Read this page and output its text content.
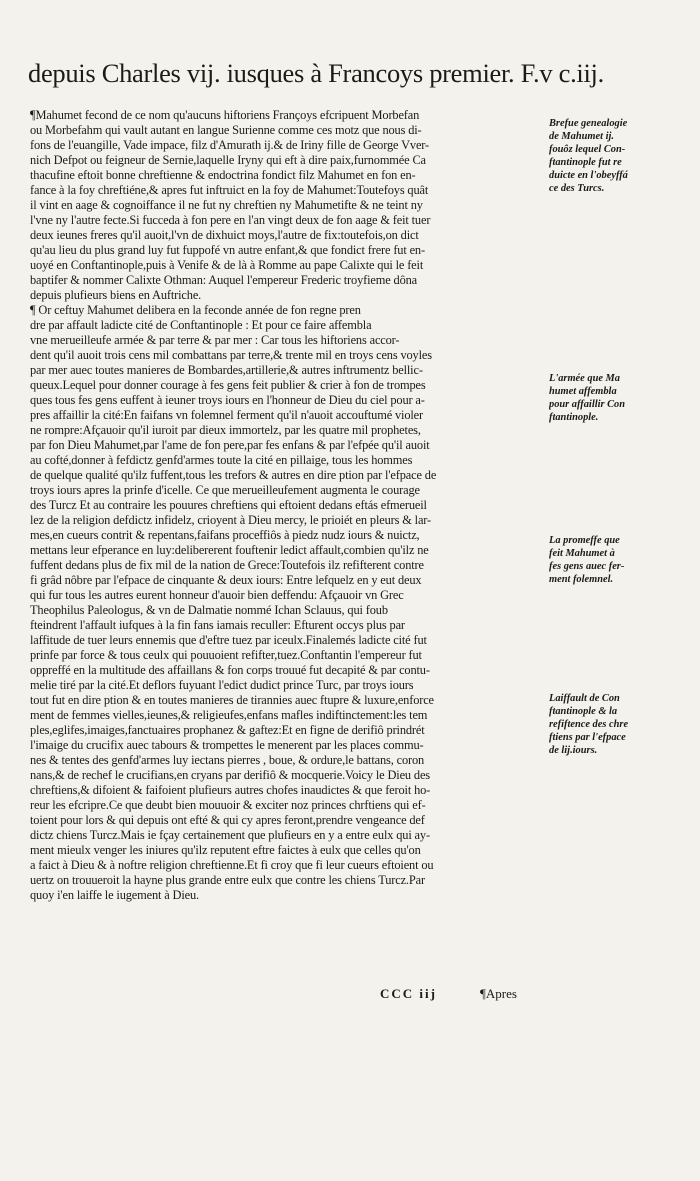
depuis Charles vij. iusques à Francoys premier. F.v c.iij.
¶Mahumet fecond de ce nom qu'aucuns hiftoriens Françoys efcripuent Morbefan
ou Morbefahm qui vault autant en langue Surienne comme ces motz que nous di-
fons de l'euangille, Vade impace, filz d'Amurath ij.& de Iriny fille de George Vver-
nich Defpot ou feigneur de Sernie,laquelle Iryny qui eft à dire paix,furnommée Ca
thacufine eftoit bonne chreftienne & endoctrina fondict filz Mahumet en fon en-
fance à la foy chreftiéne,& apres fut inftruict en la foy de Mahumet:Toutefoys quât
il vint en aage & cognoiffance il ne fut ny chreftien ny Mahumetifte & ne teint ny
l'vne ny l'autre fecte.Si fucceda à fon pere en l'an vingt deux de fon aage & feit tuer
deux ieunes freres qu'il auoit,l'vn de dixhuict moys,l'autre de fix:toutefois,on dict
qu'au lieu du plus grand luy fut fuppofé vn autre enfant,& que fondict frere fut en-
uoyé en Conftantinople,puis à Venife & de là à Romme au pape Calixte qui le feit
baptifer & nommer Calixte Othman: Auquel l'empereur Frederic troyfieme dôna
depuis plufieurs biens en Auftriche.
¶ Or ceftuy Mahumet delibera en la feconde année de fon regne pren
dre par affault ladicte cité de Conftantinople : Et pour ce faire affembla
vne merueilleufe armée & par terre & par mer : Car tous les hiftoriens accor-
dent qu'il auoit trois cens mil combattans par terre,& trente mil en troys cens voyles
par mer auec toutes manieres de Bombardes,artillerie,& autres inftrumentz bellic-
queux.Lequel pour donner courage à fes gens feit publier & crier à fon de trompes
ques tous fes gens euffent à ieuner troys iours en l'honneur de Dieu du ciel pour a-
pres affaillir la cité:En faifans vn folemnel ferment qu'il n'auoit accouftumé violer
ne rompre:Afçauoir qu'il iuroit par dieux immortelz, par les quatre mil prophetes,
par fon Dieu Mahumet,par l'ame de fon pere,par fes enfans & par l'efpée qu'il auoit
au cofté,donner à fefdictz genfd'armes toute la cité en pillaige, tous les hommes
de quelque qualité qu'ilz fuffent,tous les trefors & autres en dire ption par l'efpace de
troys iours apres la prinfe d'icelle. Ce que merueilleufement augmenta le courage
des Turcz Et au contraire les pouures chreftiens qui eftoient dedans eftás efmerueil
lez de la religion defdictz infidelz, crioyent à Dieu mercy, le prioiét en pleurs & lar-
mes,en cueurs contrit & repentans,faifans proceffiôs à piedz nudz iours & nuictz,
mettans leur efperance en luy:delibererent fouftenir ledict affault,combien qu'ilz ne
fuffent dedans plus de fix mil de la nation de Grece:Toutefois ilz refifterent contre
fi grâd nôbre par l'efpace de cinquante & deux iours: Entre lefquelz en y eut deux
qui fur tous les autres eurent honneur d'auoir bien deffendu: Afçauoir vn Grec
Theophilus Paleologus, & vn de Dalmatie nommé Ichan Sclauus, qui foub
fteindrent l'affault iufques à la fin fans iamais reculler: Efturent occys plus par
laffitude de tuer leurs ennemis que d'eftre tuez par iceulx.Finalemés ladicte cité fut
prinfe par force & tous ceulx qui pouuoient refifter,tuez.Conftantin l'empereur fut
oppreffé en la multitude des affaillans & fon corps trouué fut decapité & par contu-
melie tiré par la cité.Et deflors fuyuant l'edict dudict prince Turc, par troys iours
tout fut en dire ption & en toutes manieres de tirannies auec ftupre & luxure,enforce
ment de femmes vielles,ieunes,& religieufes,enfans mafles indiftinctement:les tem
ples,eglifes,imaiges,fanctuaires prophanez & gaftez:Et en figne de derifiô prindrét
l'imaige du crucifix auec tabours & trompettes le menerent par les places commu-
nes & tentes des genfd'armes luy iectans pierres , boue, & ordure,le battans, coron
nans,& de rechef le crucifians,en cryans par derifiô & mocquerie.Voicy le Dieu des
chreftiens,& difoient & faifoient plufieurs autres chofes inaudictes & que feroit ho-
reur les efcripre.Ce que deubt bien mouuoir & exciter noz princes chrftiens qui ef-
toient pour lors & qui depuis ont efté & qui cy apres feront,prendre vengeance def
dictz chiens Turcz.Mais ie fçay certainement que plufieurs en y a entre eulx qui ay-
ment mieulx venger les iniures qu'ilz reputent eftre faictes à eulx que celles qu'on
a faict à Dieu & à noftre religion chreftienne.Et fi croy que fi leur cueurs eftoient ou
uertz on trouueroit la hayne plus grande entre eulx que contre les chiens Turcz.Par
quoy i'en laiffe le iugement à Dieu.
Brefue genealogie
de Mahumet ij.
fouôz lequel Con-
ftantinople fut re
duicte en l'obeyffá
ce des Turcs.
L'armée que Ma
humet affembla
pour affaillir Con
ftantinople.
La promeffe que
feit Mahumet à
fes gens auec fer-
ment folemnel.
Laiffault de Con
ftantinople & la
refiftence des chre
ftiens par l'efpace
de lij.iours.
CCC iij	¶Apres
